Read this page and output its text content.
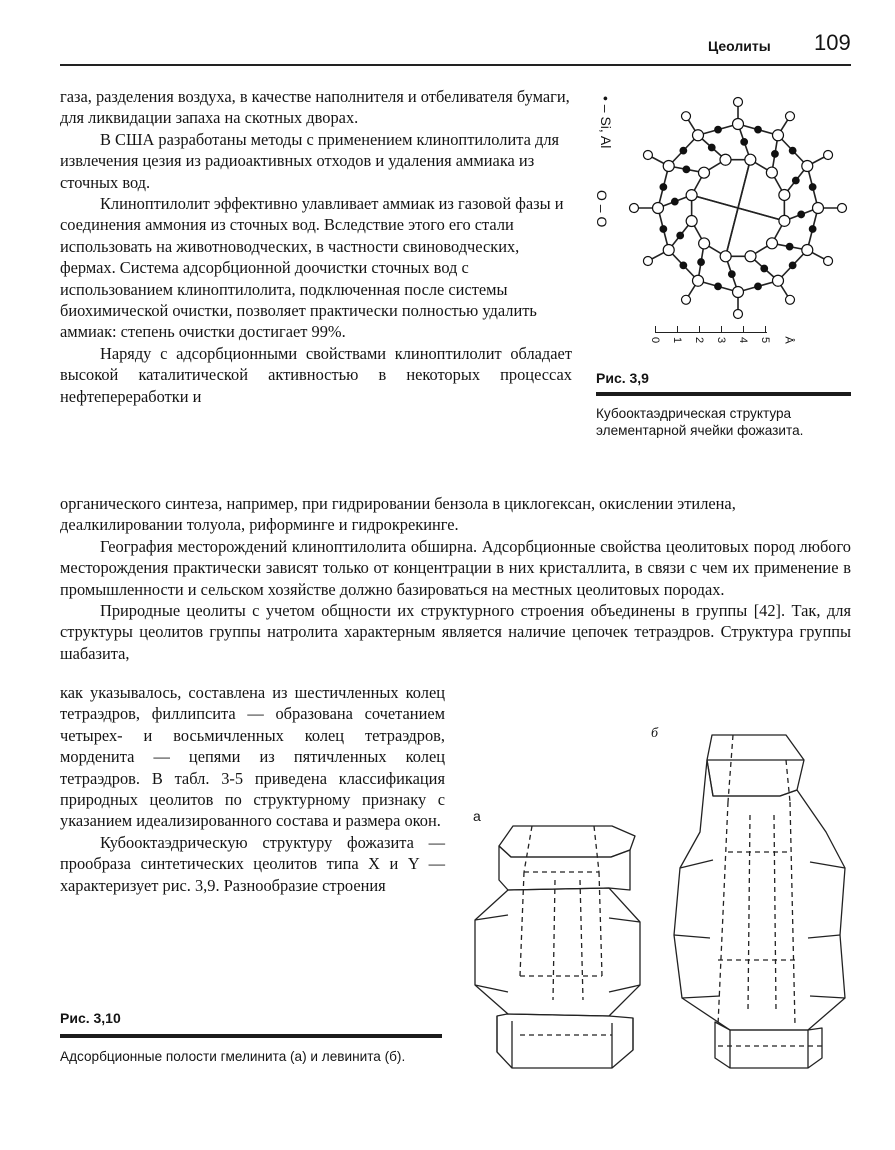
Цеолиты 109

газа, разделения воздуха, в качестве наполнителя и отбеливателя бумаги, для ликвидации запаха на скотных дворах.

В США разработаны методы с применением клиноптилолита для извлечения цезия из радиоактивных отходов и удаления аммиака из сточных вод.

Клиноптилолит эффективно улавливает аммиак из газовой фазы и соединения аммония из сточных вод. Вследствие этого его стали использовать на животноводческих, в частности свиноводческих, фермах. Система адсорбционной доочистки сточных вод с использованием клиноптилолита, подключенная после системы биохимической очистки, позволяет практически полностью удалить аммиак: степень очистки достигает 99%.

Наряду с адсорбционными свойствами клиноптилолит обладает высокой каталитической активностью в некоторых процессах нефтепереработки и

органического синтеза, например, при гидрировании бензола в циклогексан, окислении этилена, деалкилировании толуола, риформинге и гидрокрекинге.

География месторождений клиноптилолита обширна. Адсорбционные свойства цеолитовых пород любого месторождения практически зависят только от концентрации в них кристаллита, в связи с чем их применение в промышленности и сельском хозяйстве должно базироваться на местных цеолитовых породах.

Природные цеолиты с учетом общности их структурного строения объединены в группы [42]. Так, для структуры цеолитов группы натролита характерным является наличие цепочек тетраэдров. Структура группы шабазита,

как указывалось, составлена из шестичленных колец тетраэдров, филлипсита — образована сочетанием четырех- и восьмичленных колец тетраэдров, морденита — цепями из пятичленных колец тетраэдров. В табл. 3-5 приведена классификация природных цеолитов по структурному признаку с указанием идеализированного состава и размера окон.

Кубооктаэдрическую структуру фожазита — прообраза синтетических цеолитов типа X и Y — характеризует рис. 3,9. Разнообразие строения

• – Si, Al
O – O
0 1 2 3 4 5 Å
Рис. 3,9

Кубооктаэдрическая структура элементарной ячейки фожазита.

а
б
Рис. 3,10

Адсорбционные полости гмелинита (а) и левинита (б).
